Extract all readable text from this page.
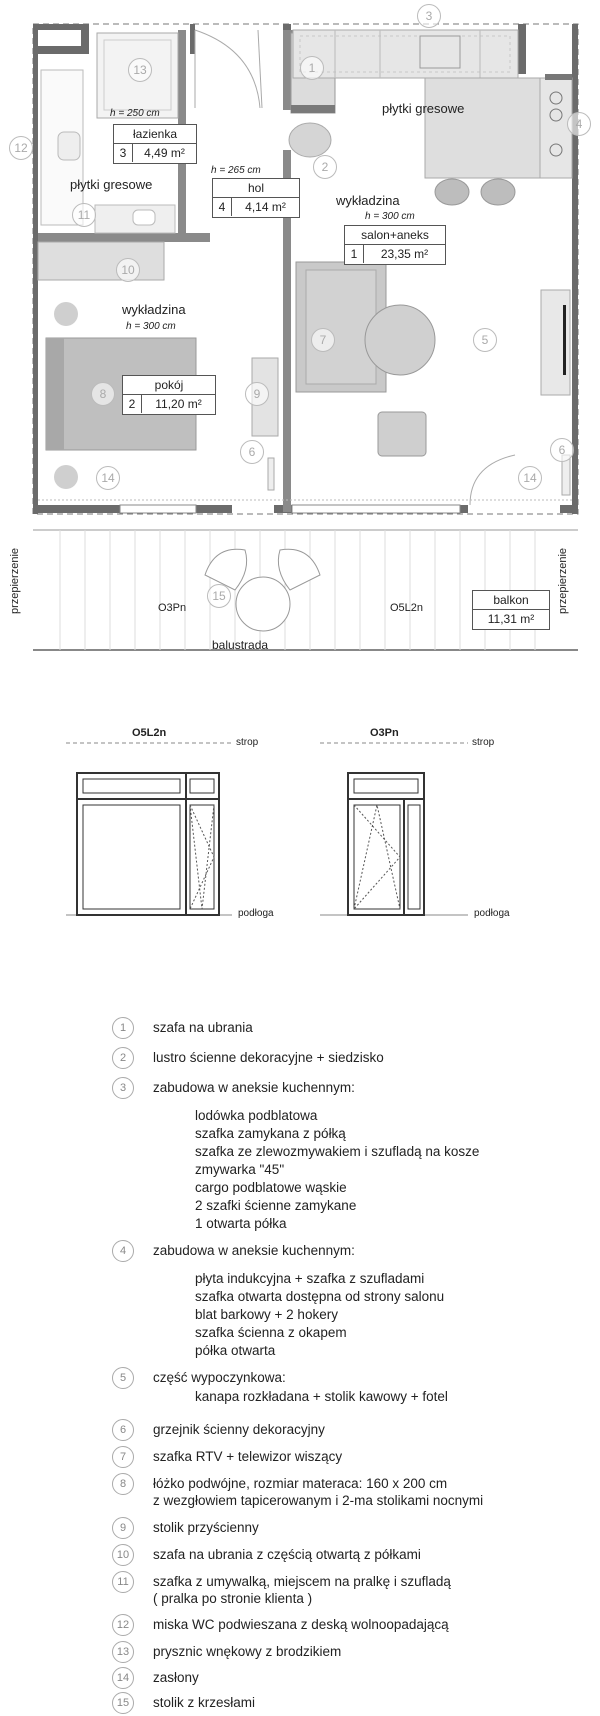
3
13	1
4
12
2
11
10
7	5
8	9
6	6
14	14
15
h = 250 cm
łazienka
3	4,49 m²
płytki gresowe
h = 265 cm
hol
4	4,14 m²
płytki gresowe
wykładzina
h = 300 cm
salon+aneks
1	23,35 m²
wykładzina
h = 300 cm
pokój
2	11,20 m²
przepierzenie	przepierzenie
O3Pn	O5L2n
balustrada
balkon
11,31 m²
O5L2n	O3Pn
strop	strop
podłoga	podłoga
1	szafa na ubrania
2	lustro ścienne dekoracyjne + siedzisko
3	zabudowa w aneksie kuchennym:
lodówka podblatowa
szafka zamykana z półką
szafka ze zlewozmywakiem i szufladą na kosze
zmywarka "45"
cargo podblatowe wąskie
2 szafki ścienne zamykane
1 otwarta półka
4	zabudowa w aneksie kuchennym:
płyta indukcyjna + szafka z szufladami
szafka otwarta dostępna od strony salonu
blat barkowy + 2 hokery
szafka ścienna z okapem
półka otwarta
5	część wypoczynkowa:
kanapa rozkładana + stolik kawowy + fotel
6	grzejnik ścienny dekoracyjny
7	szafka RTV + telewizor wiszący
8	łóżko podwójne, rozmiar materaca: 160 x 200 cm
z wezgłowiem tapicerowanym i 2-ma stolikami nocnymi
9	stolik przyścienny
10	szafa na ubrania z częścią otwartą z półkami
11	szafka z umywalką, miejscem na pralkę i szufladą
( pralka po stronie klienta )
12	miska WC podwieszana z deską wolnoopadającą
13	prysznic wnękowy z brodzikiem
14	zasłony
15	stolik z krzesłami
